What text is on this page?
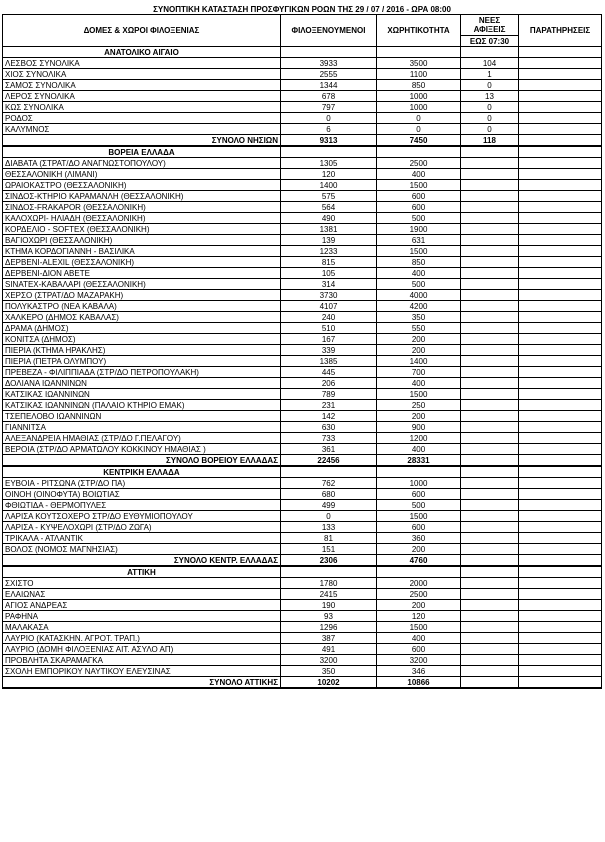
ΣΥΝΟΠΤΙΚΗ ΚΑΤΑΣΤΑΣΗ ΠΡΟΣΦΥΓΙΚΩΝ ΡΟΩΝ ΤΗΣ 29 / 07 / 2016 - ΩΡΑ 08:00				
ΔΟΜΕΣ & ΧΩΡΟΙ ΦΙΛΟΞΕΝΙΑΣ	ΦΙΛΟΞΕΝΟΥΜΕΝΟΙ	ΧΩΡΗΤΙΚΟΤΗΤΑ	ΝΕΕΣ
ΑΦΙΞΕΙΣ	ΠΑΡΑΤΗΡΗΣΕΙΣ
			ΕΩΣ 07:30	
ΑΝΑΤΟΛΙΚΟ ΑΙΓΑΙΟ				
ΛΕΣΒΟΣ ΣΥΝΟΛΙΚΑ	3933	3500	104	
ΧΙΟΣ ΣΥΝΟΛΙΚΑ	2555	1100	1	
ΣΑΜΟΣ ΣΥΝΟΛΙΚΑ	1344	850	0	
ΛΕΡΟΣ ΣΥΝΟΛΙΚΑ	678	1000	13	
ΚΩΣ ΣΥΝΟΛΙΚΑ	797	1000	0	
ΡΟΔΟΣ	0	0	0	
ΚΑΛΥΜΝΟΣ	6	0	0	
ΣΥΝΟΛΟ ΝΗΣΙΩΝ	9313	7450	118	
ΒΟΡΕΙΑ ΕΛΛΑΔΑ				
ΔΙΑΒΑΤΑ (ΣΤΡΑΤ/ΔΟ ΑΝΑΓΝΩΣΤΟΠΟΥΛΟΥ)	1305	2500		
ΘΕΣΣΑΛΟΝΙΚΗ (ΛΙΜΑΝΙ)	120	400		
ΩΡΑΙΟΚΑΣΤΡΟ (ΘΕΣΣΑΛΟΝΙΚΗ)	1400	1500		
ΣΙΝΔΟΣ-ΚΤΗΡΙΟ ΚΑΡΑΜΑΝΛΗ (ΘΕΣΣΑΛΟΝΙΚΗ)	575	600		
ΣΙΝΔΟΣ-FRAKAPOR (ΘΕΣΣΑΛΟΝΙΚΗ)	564	600		
ΚΑΛΟΧΩΡΙ- ΗΛΙΑΔΗ (ΘΕΣΣΑΛΟΝΙΚΗ)	490	500		
ΚΟΡΔΕΛΙΟ - SOFTEX (ΘΕΣΣΑΛΟΝΙΚΗ)	1381	1900		
ΒΑΓΙΟΧΩΡΙ (ΘΕΣΣΑΛΟΝΙΚΗ)	139	631		
ΚΤΗΜΑ ΚΟΡΔΟΓΙΑΝΝΗ - ΒΑΣΙΛΙΚΑ	1233	1500		
ΔΕΡΒΕΝΙ-ALEXIL (ΘΕΣΣΑΛΟΝΙΚΗ)	815	850		
ΔΕΡΒΕΝΙ-ΔΙΟΝ ΑΒΕΤΕ	105	400		
SINATEX-ΚΑΒΑΛΑΡΙ (ΘΕΣΣΑΛΟΝΙΚΗ)	314	500		
ΧΕΡΣΟ (ΣΤΡΑΤ/ΔΟ ΜΑΖΑΡΑΚΗ)	3730	4000		
ΠΟΛΥΚΑΣΤΡΟ (ΝΕΑ ΚΑΒΑΛΑ)	4107	4200		
ΧΑΛΚΕΡΟ (ΔΗΜΟΣ ΚΑΒΑΛΑΣ)	240	350		
ΔΡΑΜΑ (ΔΗΜΟΣ)	510	550		
ΚΟΝΙΤΣΑ (ΔΗΜΟΣ)	167	200		
ΠΙΕΡΙΑ (ΚΤΗΜΑ ΗΡΑΚΛΗΣ)	339	200		
ΠΙΕΡΙΑ (ΠΕΤΡΑ ΟΛΥΜΠΟΥ)	1385	1400		
ΠΡΕΒΕΖΑ - ΦΙΛΙΠΠΙΑΔΑ (ΣΤΡ/ΔΟ ΠΕΤΡΟΠΟΥΛΑΚΗ)	445	700		
ΔΟΛΙΑΝΑ ΙΩΑΝΝΙΝΩΝ	206	400		
ΚΑΤΣΙΚΑΣ ΙΩΑΝΝΙΝΩΝ	789	1500		
ΚΑΤΣΙΚΑΣ ΙΩΑΝΝΙΝΩΝ (ΠΑΛΑΙΟ ΚΤΗΡΙΟ ΕΜΑΚ)	231	250		
ΤΣΕΠΕΛΟΒΟ ΙΩΑΝΝΙΝΩΝ	142	200		
ΓΙΑΝΝΙΤΣΑ	630	900		
ΑΛΕΞΑΝΔΡΕΙΑ ΗΜΑΘΙΑΣ (ΣΤΡ/ΔΟ Γ.ΠΕΛΑΓΟΥ)	733	1200		
ΒΕΡΟΙΑ (ΣΤΡ/ΔΟ ΑΡΜΑΤΩΛΟΥ ΚΟΚΚΙΝΟΥ ΗΜΑΘΙΑΣ )	361	400		
ΣΥΝΟΛΟ ΒΟΡΕΙΟΥ ΕΛΛΑΔΑΣ	22456	28331		
ΚΕΝΤΡΙΚΗ ΕΛΛΑΔΑ				
ΕΥΒΟΙΑ - ΡΙΤΣΩΝΑ (ΣΤΡ/ΔΟ ΠΑ)	762	1000		
ΟΙΝΟΗ (ΟΙΝΟΦΥΤΑ) ΒΟΙΩΤΙΑΣ	680	600		
ΦΘΙΩΤΙΔΑ - ΘΕΡΜΟΠΥΛΕΣ	499	500		
ΛΑΡΙΣΑ ΚΟΥΤΣΟΧΕΡΟ ΣΤΡ/ΔΟ ΕΥΘΥΜΙΟΠΟΥΛΟΥ	0	1500		
ΛΑΡΙΣΑ - ΚΥΨΕΛΟΧΩΡΙ (ΣΤΡ/ΔΟ ΖΩΓΑ)	133	600		
ΤΡΙΚΑΛΑ - ΑΤΛΑΝΤΙΚ	81	360		
ΒΟΛΟΣ (ΝΟΜΟΣ ΜΑΓΝΗΣΙΑΣ)	151	200		
ΣΥΝΟΛΟ ΚΕΝΤΡ. ΕΛΛΑΔΑΣ	2306	4760		
ΑΤΤΙΚΗ				
ΣΧΙΣΤΟ	1780	2000		
ΕΛΑΙΩΝΑΣ	2415	2500		
ΑΓΙΟΣ ΑΝΔΡΕΑΣ	190	200		
ΡΑΦΗΝΑ	93	120		
ΜΑΛΑΚΑΣΑ	1296	1500		
ΛΑΥΡΙΟ (ΚΑΤΑΣΚΗΝ. ΑΓΡΟΤ. ΤΡΑΠ.)	387	400		
ΛΑΥΡΙΟ (ΔΟΜΗ ΦΙΛΟΞΕΝΙΑΣ ΑΙΤ. ΑΣΥΛΟ ΑΠ)	491	600		
ΠΡΟΒΛΗΤΑ ΣΚΑΡΑΜΑΓΚΑ	3200	3200		
ΣΧΟΛΗ ΕΜΠΟΡΙΚΟΥ ΝΑΥΤΙΚΟΥ ΕΛΕΥΣΙΝΑΣ	350	346		
ΣΥΝΟΛΟ ΑΤΤΙΚΗΣ	10202	10866		
